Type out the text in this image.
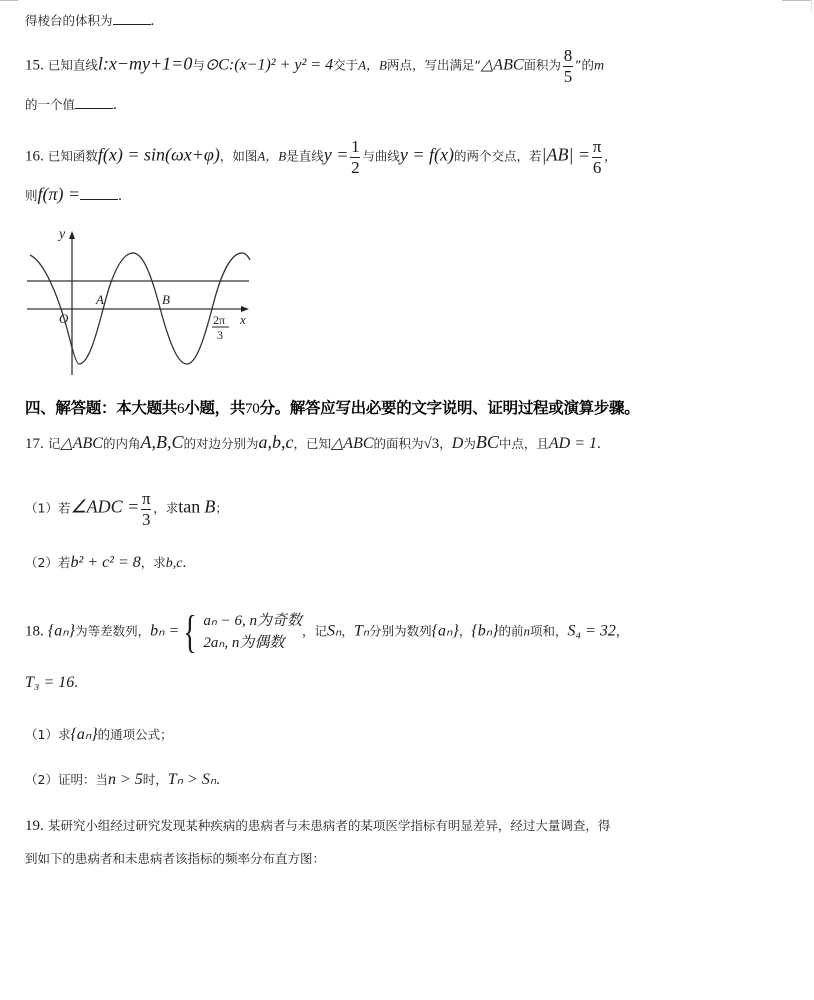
得棱台的体积为	.
15. 已知直线l:x−my+1=0与⊙C:(x−1)² + y² = 4交于A，B两点，写出满足“△ABC面积为 $\frac{8}{5}$ ”的m
的一个值	.
16. 已知函数f(x) = sin(ωx+φ)，如图A，B是直线$y = \frac{1}{2}$ 与曲线y = f(x)的两个交点，若$|AB| = \frac{\pi}{6}$ ，
则f(π) =	.
y
x
O
A	B
2π
3
四、解答题：本大题共6小题，共70分。解答应写出必要的文字说明、证明过程或演算步骤。
17. 记△ABC的内角A,B,C的对边分别为a,b,c，已知△ABC的面积为√3，D为BC中点，且AD = 1.
（1）若∠ADC = $\frac{\pi}{3}$ ，求tan B；
（2）若b² + c² = 8，求b,c.
18. {aₙ}为等差数列，bₙ ={ aₙ − 6, n为奇数
2aₙ, n为偶数
，记Sₙ，Tₙ分别为数列{aₙ}，{bₙ}的前n项和，S₄ = 32，
T₃ = 16.
（1）求{aₙ}的通项公式；
（2）证明：当n > 5时，Tₙ > Sₙ.
19. 某研究小组经过研究发现某种疾病的患病者与未患病者的某项医学指标有明显差异，经过大量调查，得
到如下的患病者和未患病者该指标的频率分布直方图：
